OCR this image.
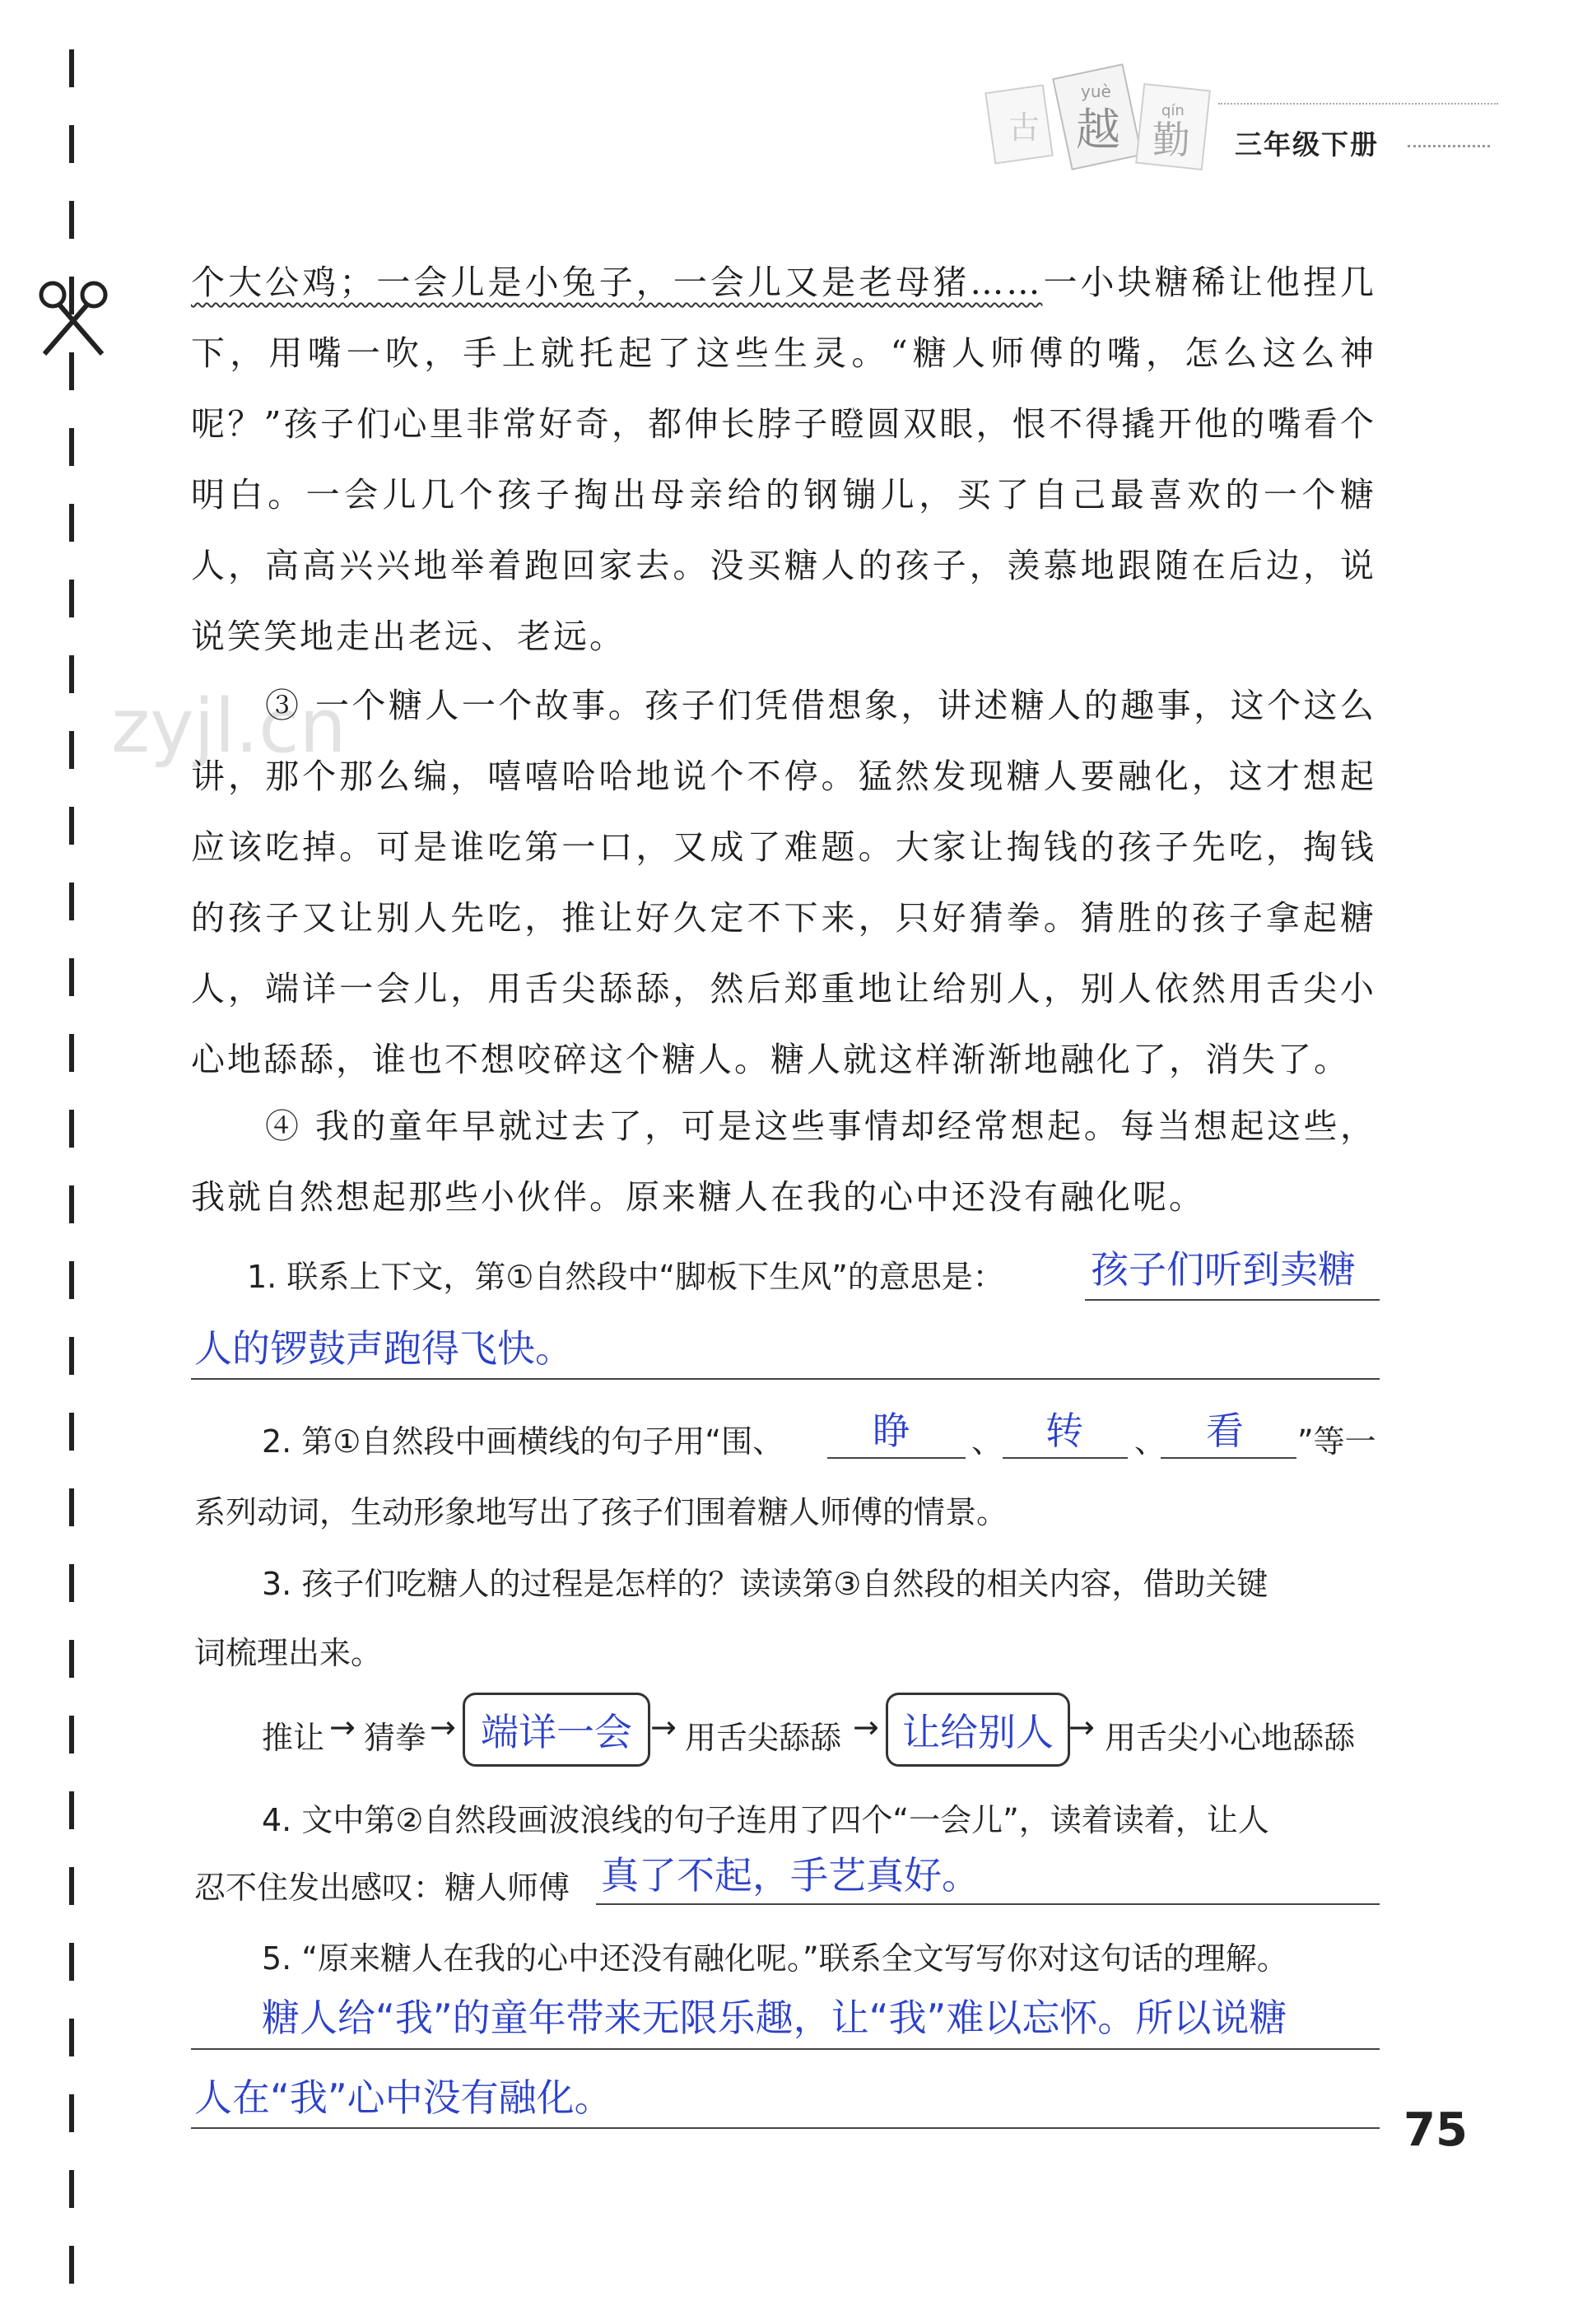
古
yuè
越	qín
勤 三年级下册
zyjl.cn
个大公鸡；一会儿是小兔子，一会儿又是老母猪……一小块糖稀让他捏几下，用嘴一吹，手上就托起了这些生灵。“糖人师傅的嘴，怎么这么神呢？”孩子们心里非常好奇，都伸长脖子瞪圆双眼，恨不得撬开他的嘴看个明白。一会儿几个孩子掏出母亲给的钢镚儿，买了自己最喜欢的一个糖人，高高兴兴地举着跑回家去。没买糖人的孩子，羡慕地跟随在后边，说说笑笑地走出老远、老远。
③ 一个糖人一个故事。孩子们凭借想象，讲述糖人的趣事，这个这么讲，那个那么编，嘻嘻哈哈地说个不停。猛然发现糖人要融化，这才想起应该吃掉。可是谁吃第一口，又成了难题。大家让掏钱的孩子先吃，掏钱的孩子又让别人先吃，推让好久定不下来，只好猜拳。猜胜的孩子拿起糖人，端详一会儿，用舌尖舔舔，然后郑重地让给别人，别人依然用舌尖小心地舔舔，谁也不想咬碎这个糖人。糖人就这样渐渐地融化了，消失了。
④ 我的童年早就过去了，可是这些事情却经常想起。每当想起这些，我就自然想起那些小伙伴。原来糖人在我的心中还没有融化呢。
1. 联系上下文，第①自然段中“脚板下生风”的意思是： 孩子们听到卖糖
人的锣鼓声跑得飞快。
2. 第①自然段中画横线的句子用“围、 睁 、 转 、 看 ”等一
系列动词，生动形象地写出了孩子们围着糖人师傅的情景。
3. 孩子们吃糖人的过程是怎样的？读读第③自然段的相关内容，借助关键
词梳理出来。
推让 → 猜拳 → 端详一会 → 用舌尖舔舔 → 让给别人 → 用舌尖小心地舔舔
4. 文中第②自然段画波浪线的句子连用了四个“一会儿”，读着读着，让人
忍不住发出感叹：糖人师傅 真了不起，手艺真好。
5. “原来糖人在我的心中还没有融化呢。”联系全文写写你对这句话的理解。
糖人给“我”的童年带来无限乐趣，让“我”难以忘怀。所以说糖
人在“我”心中没有融化。
75
